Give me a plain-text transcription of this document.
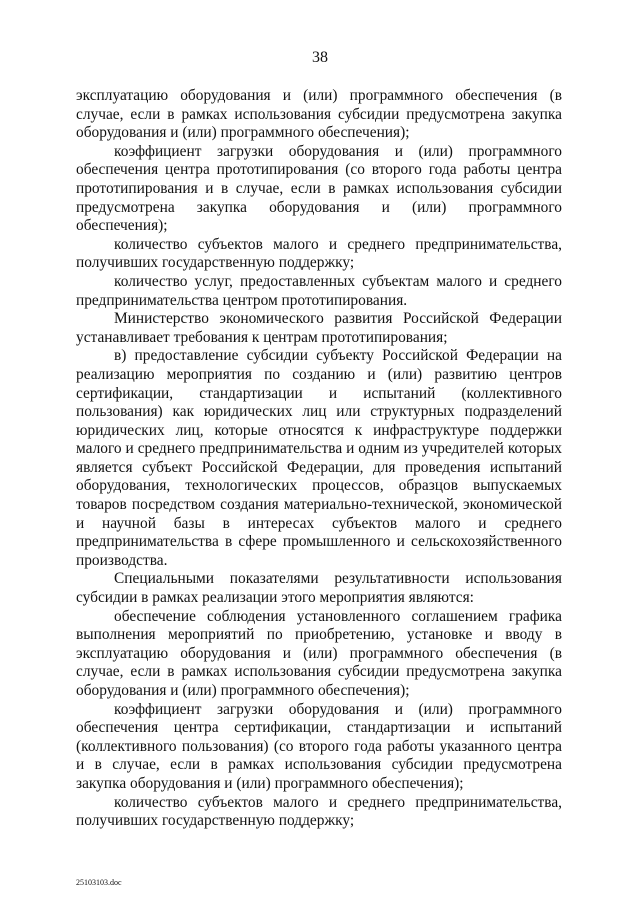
38

эксплуатацию оборудования и (или) программного обеспечения (в случае, если в рамках использования субсидии предусмотрена закупка оборудования и (или) программного обеспечения);

коэффициент загрузки оборудования и (или) программного обеспечения центра прототипирования (со второго года работы центра прототипирования и в случае, если в рамках использования субсидии предусмотрена закупка оборудования и (или) программного обеспечения);

количество субъектов малого и среднего предпринимательства, получивших государственную поддержку;

количество услуг, предоставленных субъектам малого и среднего предпринимательства центром прототипирования.

Министерство экономического развития Российской Федерации устанавливает требования к центрам прототипирования;

в) предоставление субсидии субъекту Российской Федерации на реализацию мероприятия по созданию и (или) развитию центров сертификации, стандартизации и испытаний (коллективного пользования) как юридических лиц или структурных подразделений юридических лиц, которые относятся к инфраструктуре поддержки малого и среднего предпринимательства и одним из учредителей которых является субъект Российской Федерации, для проведения испытаний оборудования, технологических процессов, образцов выпускаемых товаров посредством создания материально-технической, экономической и научной базы в интересах субъектов малого и среднего предпринимательства в сфере промышленного и сельскохозяйственного производства.

Специальными показателями результативности использования субсидии в рамках реализации этого мероприятия являются:

обеспечение соблюдения установленного соглашением графика выполнения мероприятий по приобретению, установке и вводу в эксплуатацию оборудования и (или) программного обеспечения (в случае, если в рамках использования субсидии предусмотрена закупка оборудования и (или) программного обеспечения);

коэффициент загрузки оборудования и (или) программного обеспечения центра сертификации, стандартизации и испытаний (коллективного пользования) (со второго года работы указанного центра и в случае, если в рамках использования субсидии предусмотрена закупка оборудования и (или) программного обеспечения);

количество субъектов малого и среднего предпринимательства, получивших государственную поддержку;

25103103.doc
